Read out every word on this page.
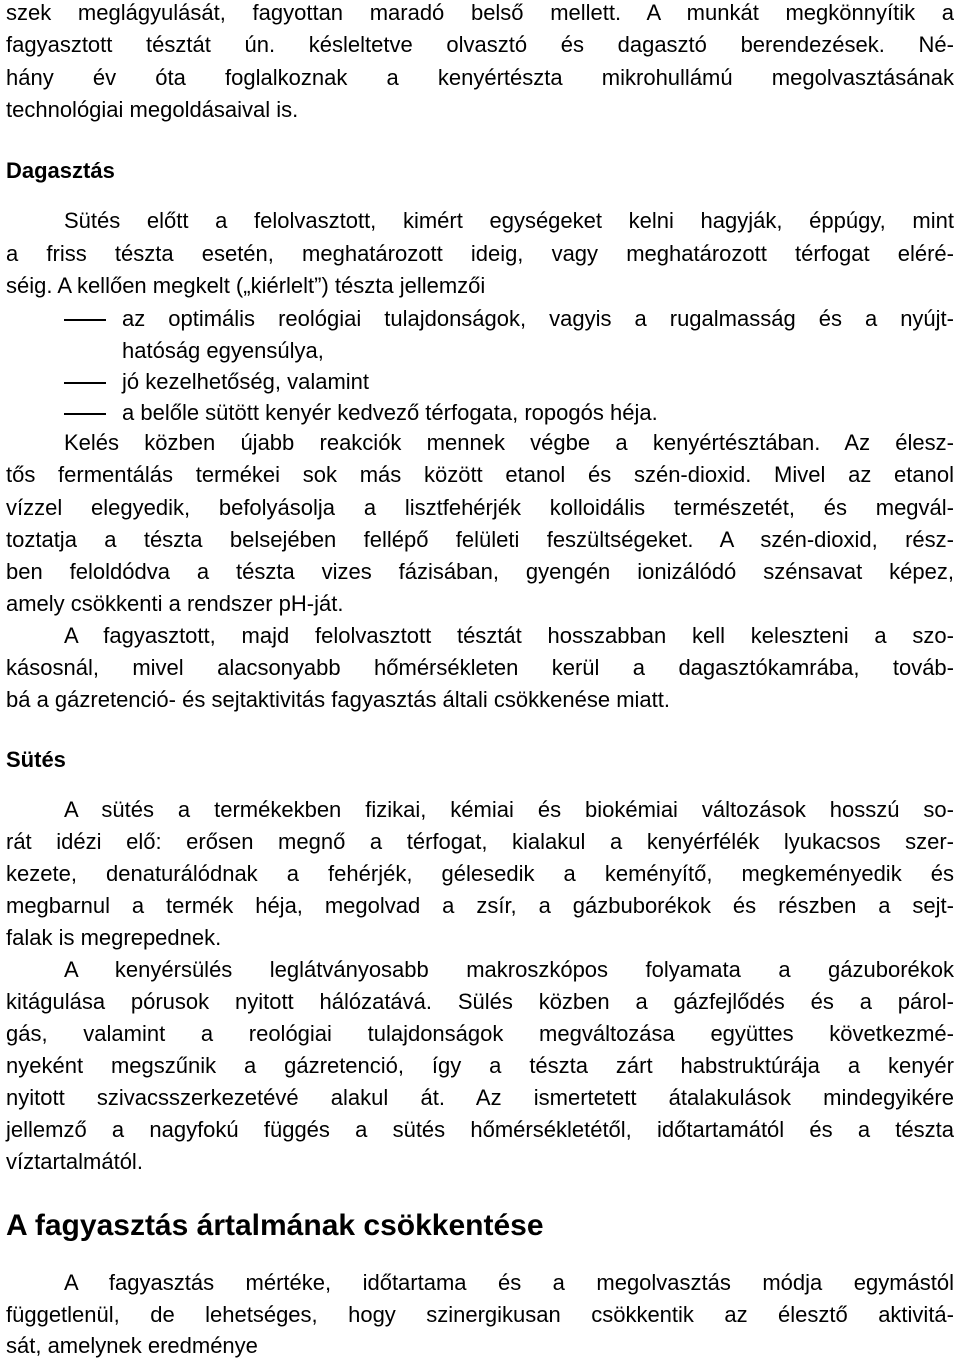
szek meglágyulását, fagyottan maradó belső mellett. A munkát megkönnyítik a
fagyasztott tésztát ún. késleltetve olvasztó és dagasztó berendezések. Né-
hány év óta foglalkoznak a kenyértészta mikrohullámú megolvasztásának
technológiai megoldásaival is.
Dagasztás
Sütés előtt a felolvasztott, kimért egységeket kelni hagyják, éppúgy, mint
a friss tészta esetén, meghatározott ideig, vagy meghatározott térfogat eléré-
séig. A kellően megkelt („kiérlelt”) tészta jellemzői
az optimális reológiai tulajdonságok, vagyis a rugalmasság és a nyújt-
hatóság egyensúlya,
jó kezelhetőség, valamint
a belőle sütött kenyér kedvező térfogata, ropogós héja.
Kelés közben újabb reakciók mennek végbe a kenyértésztában. Az élesz-
tős fermentálás termékei sok más között etanol és szén-dioxid. Mivel az etanol
vízzel elegyedik, befolyásolja a lisztfehérjék kolloidális természetét, és megvál-
toztatja a tészta belsejében fellépő felületi feszültségeket. A szén-dioxid, rész-
ben feloldódva a tészta vizes fázisában, gyengén ionizálódó szénsavat képez,
amely csökkenti a rendszer pH-ját.
A fagyasztott, majd felolvasztott tésztát hosszabban kell keleszteni a szo-
kásosnál, mivel alacsonyabb hőmérsékleten kerül a dagasztókamrába, továb-
bá a gázretenció- és sejtaktivitás fagyasztás általi csökkenése miatt.
Sütés
A sütés a termékekben fizikai, kémiai és biokémiai változások hosszú so-
rát idézi elő: erősen megnő a térfogat, kialakul a kenyérfélék lyukacsos szer-
kezete, denaturálódnak a fehérjék, gélesedik a keményítő, megkeményedik és
megbarnul a termék héja, megolvad a zsír, a gázbuborékok és részben a sejt-
falak is megrepednek.
A kenyérsülés leglátványosabb makroszkópos folyamata a gázuborékok
kitágulása pórusok nyitott hálózatává. Sülés közben a gázfejlődés és a párol-
gás, valamint a reológiai tulajdonságok megváltozása együttes következmé-
nyeként megszűnik a gázretenció, így a tészta zárt habstruktúrája a kenyér
nyitott szivacsszerkezetévé alakul át. Az ismertetett átalakulások mindegyikére
jellemző a nagyfokú függés a sütés hőmérsékletétől, időtartamától és a tészta
víztartalmától.
A fagyasztás ártalmának csökkentése
A fagyasztás mértéke, időtartama és a megolvasztás módja egymástól
függetlenül, de lehetséges, hogy szinergikusan csökkentik az élesztő aktivitá-
sát, amelynek eredménye
